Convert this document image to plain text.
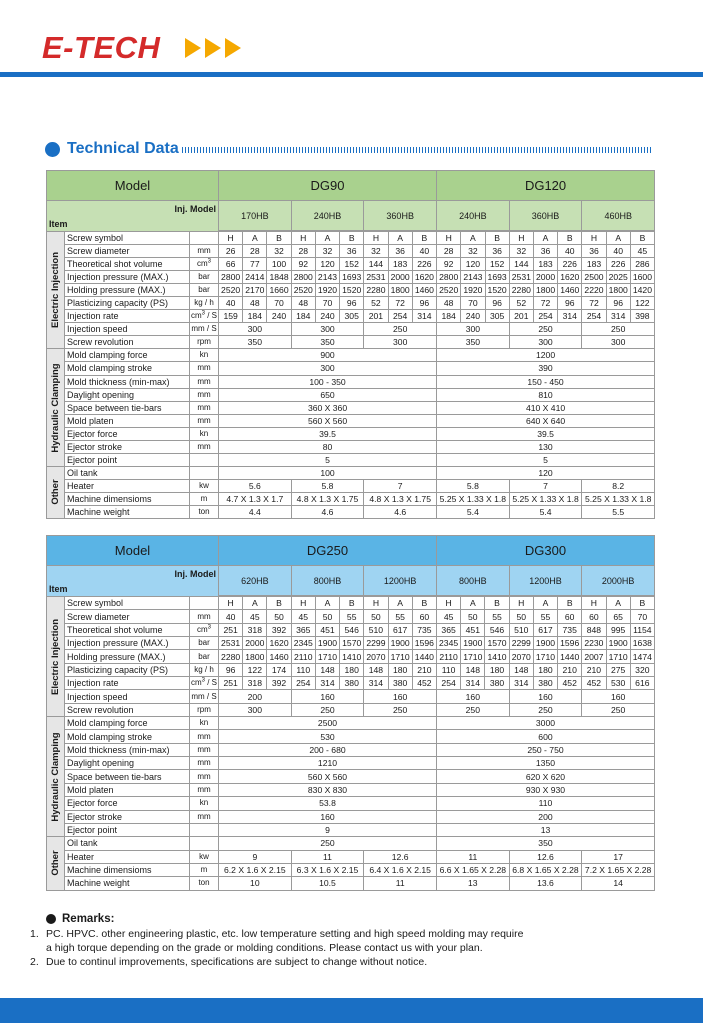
E-TECH
Technical Data
Model			DG90									DG120								

Inj. Model
Item			170HB			240HB			360HB			240HB			360HB			460HB		

Electric Injection	Screw symbol		H	A	B	H	A	B	H	A	B	H	A	B	H	A	B	H	A	B
	Screw diameter	mm	26	28	32	28	32	36	32	36	40	28	32	36	32	36	40	36	40	45
	Theoretical shot volume	$cm^3$	66	77	100	92	120	152	144	183	226	92	120	152	144	183	226	183	226	286
	Injection pressure (MAX.)	bar	2800	2414	1848	2800	2143	1693	2531	2000	1620	2800	2143	1693	2531	2000	1620	2500	2025	1600
	Holding pressure (MAX.)	bar	2520	2170	1660	2520	1920	1520	2280	1800	1460	2520	1920	1520	2280	1800	1460	2220	1800	1420
	Plasticizing capacity (PS)	kg / h	40	48	70	48	70	96	52	72	96	48	70	96	52	72	96	72	96	122
	Injection rate	$cm^3$ / S	159	184	240	184	240	305	201	254	314	184	240	305	201	254	314	254	314	398
	Injection speed	mm / S	300			300			250			300			250			250		
	Screw revolution	rpm	350			350			300			350			300			300		

Hydraulic Clamping	Mold clamping force	kn	900									1200								
	Mold clamping stroke	mm	300									390								
	Mold thickness (min-max)	mm	100 - 350									150 - 450								
	Daylight opening	mm	650									810								
	Space between tie-bars	mm	360 X 360									410 X 410								
	Mold platen	mm	560 X 560									640 X 640								
	Ejector force	kn	39.5									39.5								
	Ejector stroke	mm	80									130								
	Ejector point		5									5								

Other	Oil tank		100									120								
	Heater	kw	5.6			5.8			7			5.8			7			8.2		
	Machine dimensioms	m	4.7 X 1.3 X 1.7			4.8 X 1.3 X 1.75			4.8 X 1.3 X 1.75			5.25 X 1.33 X 1.8			5.25 X 1.33 X 1.8			5.25 X 1.33 X 1.8		
	Machine weight	ton	4.4			4.6			4.6			5.4			5.4			5.5		
Model			DG250									DG300								

Inj. Model
Item			620HB			800HB			1200HB			800HB			1200HB			2000HB		

Electric Injection	Screw symbol		H	A	B	H	A	B	H	A	B	H	A	B	H	A	B	H	A	B
	Screw diameter	mm	40	45	50	45	50	55	50	55	60	45	50	55	50	55	60	60	65	70
	Theoretical shot volume	$cm^3$	251	318	392	365	451	546	510	617	735	365	451	546	510	617	735	848	995	1154
	Injection pressure (MAX.)	bar	2531	2000	1620	2345	1900	1570	2299	1900	1596	2345	1900	1570	2299	1900	1596	2230	1900	1638
	Holding pressure (MAX.)	bar	2280	1800	1460	2110	1710	1410	2070	1710	1440	2110	1710	1410	2070	1710	1440	2007	1710	1474
	Plasticizing capacity (PS)	kg / h	96	122	174	110	148	180	148	180	210	110	148	180	148	180	210	210	275	320
	Injection rate	$cm^3$ / S	251	318	392	254	314	380	314	380	452	254	314	380	314	380	452	452	530	616
	Injection speed	mm / S	200			160			160			160			160			160		
	Screw revolution	rpm	300			250			250			250			250			250		

Hydraulic Clamping	Mold clamping force	kn	2500									3000								
	Mold clamping stroke	mm	530									600								
	Mold thickness (min-max)	mm	200 - 680									250 - 750								
	Daylight opening	mm	1210									1350								
	Space between tie-bars	mm	560 X 560									620 X 620								
	Mold platen	mm	830 X 830									930 X 930								
	Ejector force	kn	53.8									110								
	Ejector stroke	mm	160									200								
	Ejector point		9									13								

Other	Oil tank		250									350								
	Heater	kw	9			11			12.6			11			12.6			17		
	Machine dimensioms	m	6.2 X 1.6 X 2.15			6.3 X 1.6 X 2.15			6.4 X 1.6 X 2.15			6.6 X 1.65 X 2.28			6.8 X 1.65 X 2.28			7.2 X 1.65 X 2.28		
	Machine weight	ton	10			10.5			11			13			13.6			14		
Remarks:
1. PC. HPVC. other engineering plastic, etc. low temperature setting and high speed molding may require
a high torque depending on the grade or molding conditions. Please contact us with your plan.
2. Due to continul improvements, specifications are subject to change without notice.
